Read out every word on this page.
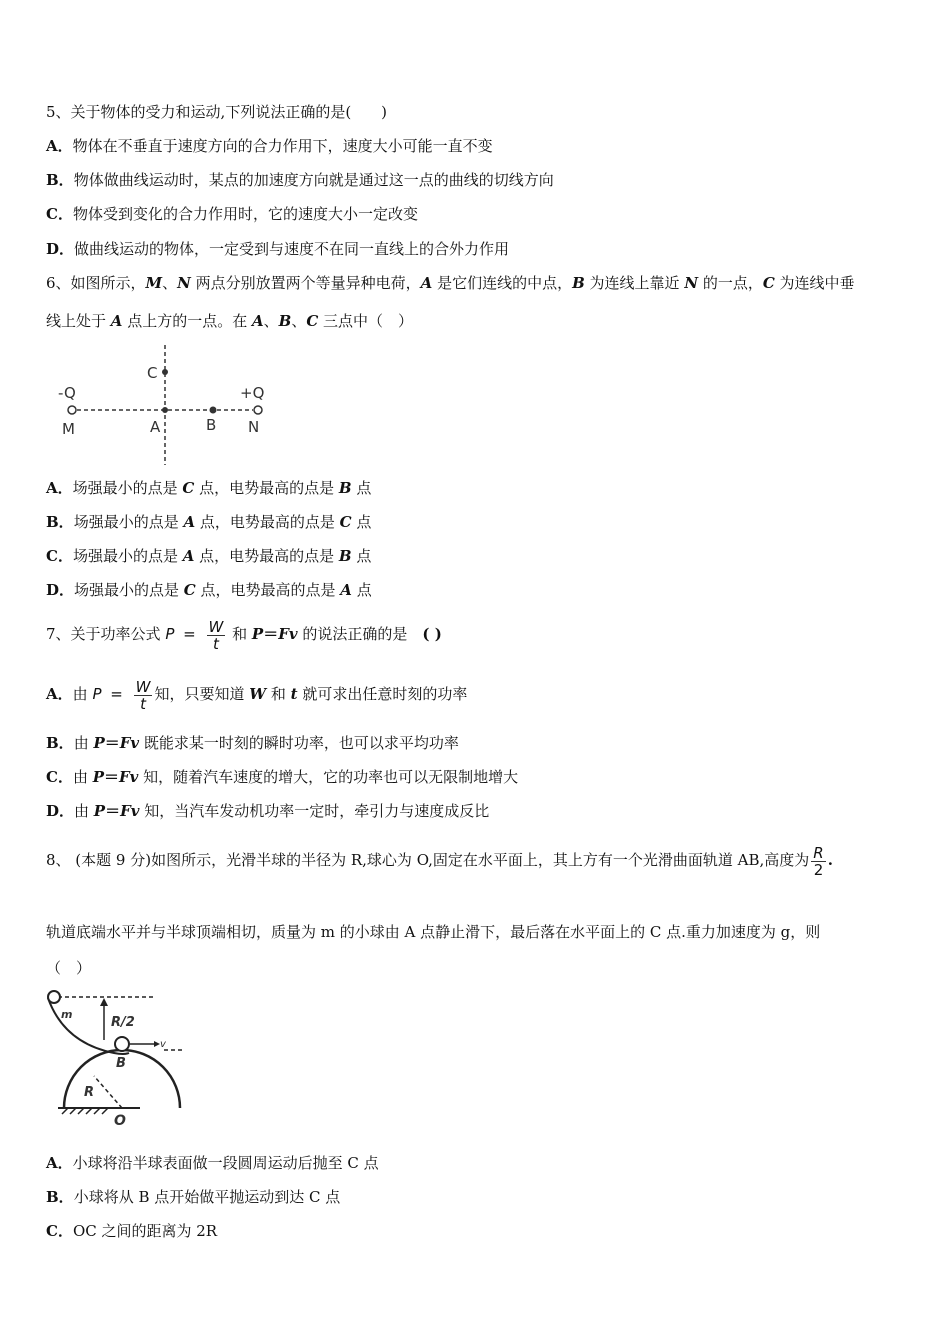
5、关于物体的受力和运动,下列说法正确的是(　　)
A．物体在不垂直于速度方向的合力作用下，速度大小可能一直不变
B．物体做曲线运动时，某点的加速度方向就是通过这一点的曲线的切线方向
C．物体受到变化的合力作用时，它的速度大小一定改变
D．做曲线运动的物体，一定受到与速度不在同一直线上的合外力作用
6、如图所示，M、N 两点分别放置两个等量异种电荷，A 是它们连线的中点，B 为连线上靠近 N 的一点，C 为连线中垂
线上处于 A 点上方的一点。在 A、B、C 三点中（　）
-Q	+Q
M	N
A	B
C
A．场强最小的点是 C 点，电势最高的点是 B 点
B．场强最小的点是 A 点，电势最高的点是 C 点
C．场强最小的点是 A 点，电势最高的点是 B 点
D．场强最小的点是 C 点，电势最高的点是 A 点
7、关于功率公式 $P = \frac{W}{t}$ 和 P＝Fv 的说法正确的是　( )
A．由 $P = \frac{W}{t}$ 知，只要知道 W 和 t 就可求出任意时刻的功率
B．由 P＝Fv 既能求某一时刻的瞬时功率，也可以求平均功率
C．由 P＝Fv 知，随着汽车速度的增大，它的功率也可以无限制地增大
D．由 P＝Fv 知，当汽车发动机功率一定时，牵引力与速度成反比
8、 (本题 9 分)如图所示，光滑半球的半径为 R,球心为 O,固定在水平面上，其上方有一个光滑曲面轨道 AB,高度为 $\frac{R}{2}$ .
轨道底端水平并与半球顶端相切，质量为 m 的小球由 A 点静止滑下，最后落在水平面上的 C 点.重力加速度为 g，则
（　）
m
R/2
B
v
R
O
A．小球将沿半球表面做一段圆周运动后抛至 C 点
B．小球将从 B 点开始做平抛运动到达 C 点
C．OC 之间的距离为 2R
